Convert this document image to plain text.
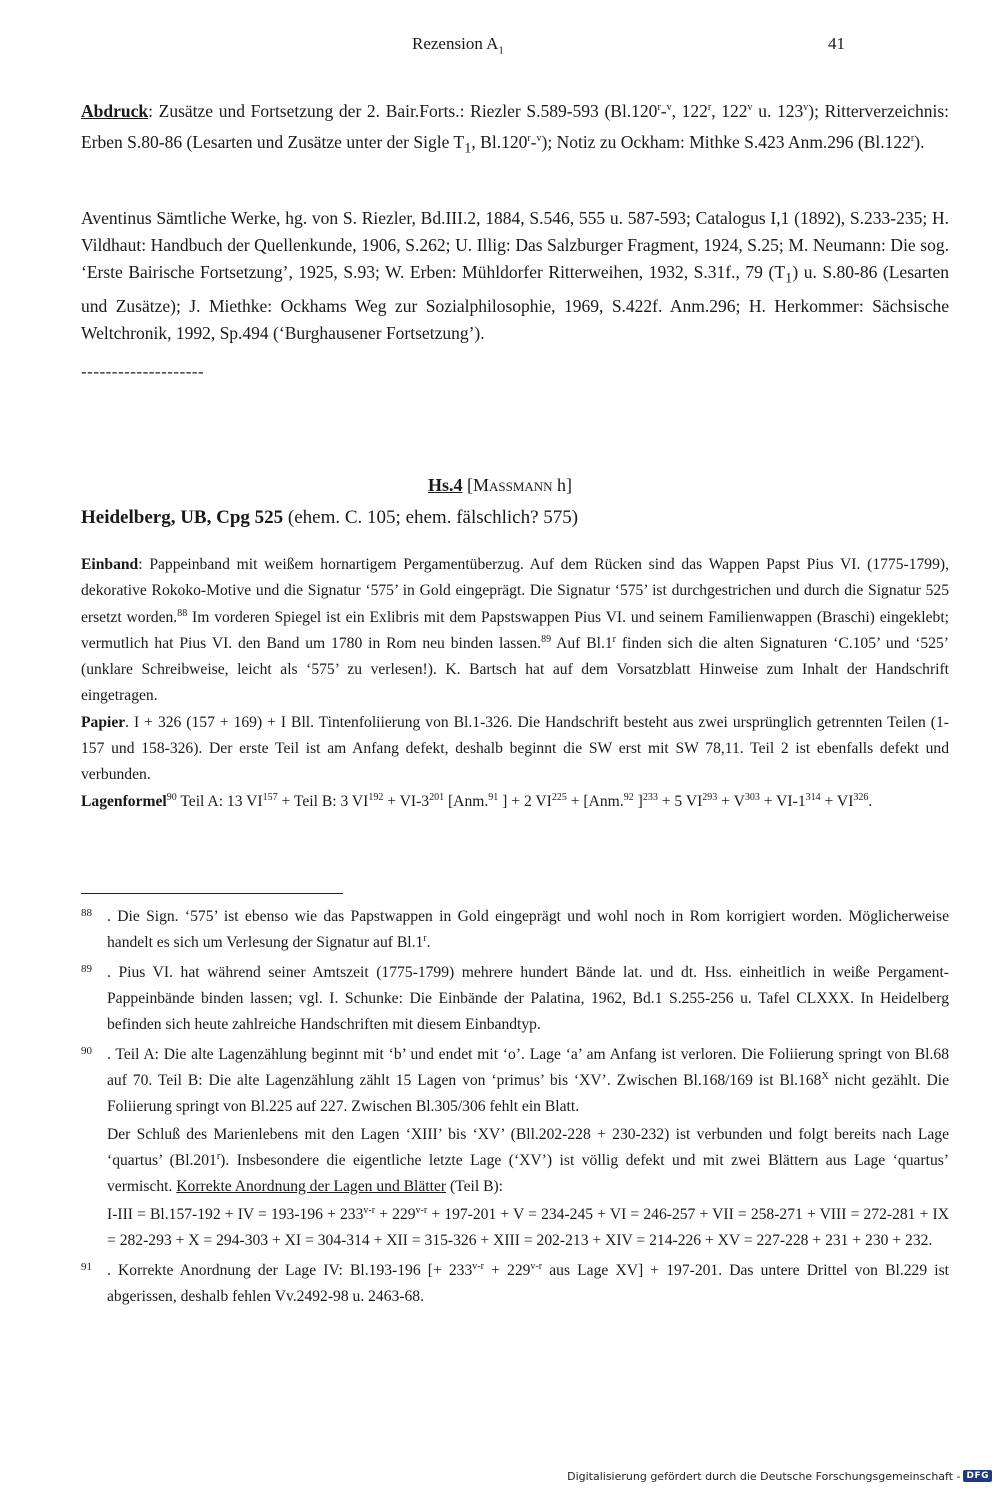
Rezension $A_1$	41

Abdruck: Zusätze und Fortsetzung der 2. Bair.Forts.: Riezler S.589-593 (Bl.120$^r$-$^v$, 122$^r$, 122$^v$ u. 123$^v$); Ritterverzeichnis: Erben S.80-86 (Lesarten und Zusätze unter der Sigle $T_1$, Bl.120$^r$-$^v$); Notiz zu Ockham: Mithke S.423 Anm.296 (Bl.122$^r$).

Aventinus Sämtliche Werke, hg. von S. Riezler, Bd.III.2, 1884, S.546, 555 u. 587-593; Catalogus I,1 (1892), S.233-235; H. Vildhaut: Handbuch der Quellenkunde, 1906, S.262; U. Illig: Das Salzburger Fragment, 1924, S.25; M. Neumann: Die sog. ‘Erste Bairische Fortsetzung’, 1925, S.93; W. Erben: Mühldorfer Ritterweihen, 1932, S.31f., 79 $(T_1)$ u. S.80-86 (Lesarten und Zusätze); J. Miethke: Ockhams Weg zur Sozialphilosophie, 1969, S.422f. Anm.296; H. Herkommer: Sächsische Weltchronik, 1992, Sp.494 (‘Burghausener Fortsetzung’).

--------------------
Hs.4 [Massmann h]
Heidelberg, UB, Cpg 525 (ehem. C. 105; ehem. fälschlich? 575)

Einband: Pappeinband mit weißem hornartigem Pergamentüberzug. Auf dem Rücken sind das Wappen Papst Pius VI. (1775-1799), dekorative Rokoko-Motive und die Signatur ‘575’ in Gold eingeprägt. Die Signatur ‘575’ ist durchgestrichen und durch die Signatur 525 ersetzt worden.$^{88}$ Im vorderen Spiegel ist ein Exlibris mit dem Papstswappen Pius VI. und seinem Familienwappen (Braschi) eingeklebt; vermutlich hat Pius VI. den Band um 1780 in Rom neu binden lassen.$^{89}$ Auf Bl.1$^r$ finden sich die alten Signaturen ‘C.105’ und ‘525’ (unklare Schreibweise, leicht als ‘575’ zu verlesen!). K. Bartsch hat auf dem Vorsatzblatt Hinweise zum Inhalt der Handschrift eingetragen.

Papier. I + 326 (157 + 169) + I Bll. Tintenfoliierung von Bl.1-326. Die Handschrift besteht aus zwei ursprünglich getrennten Teilen (1-157 und 158-326). Der erste Teil ist am Anfang defekt, deshalb beginnt die SW erst mit SW 78,11. Teil 2 ist ebenfalls defekt und verbunden.

Lagenformel$^{90}$ Teil A: 13 $VI^{157}$ + Teil B: 3 $VI^{192} + VI-3^{201}$ [Anm.$^{91}$ ] + 2 $VI^{225} + [Anm.^{92}$ ]$^{233}$ + 5 $VI^{293} + V^{303} + VI-1^{314} + VI^{326}$.

88 . Die Sign. ‘575’ ist ebenso wie das Papstwappen in Gold eingeprägt und wohl noch in Rom korrigiert worden. Möglicherweise handelt es sich um Verlesung der Signatur auf Bl.1$^r$.
89 . Pius VI. hat während seiner Amtszeit (1775-1799) mehrere hundert Bände lat. und dt. Hss. einheitlich in weiße Pergament-Pappeinbände binden lassen; vgl. I. Schunke: Die Einbände der Palatina, 1962, Bd.1 S.255-256 u. Tafel CLXXX. In Heidelberg befinden sich heute zahlreiche Handschriften mit diesem Einbandtyp.
90 . Teil A: Die alte Lagenzählung beginnt mit ‘b’ und endet mit ‘o’. Lage ‘a’ am Anfang ist verloren. Die Foliierung springt von Bl.68 auf 70. Teil B: Die alte Lagenzählung zählt 15 Lagen von ‘primus’ bis ‘XV’. Zwischen Bl.168/169 ist $Bl.168^X$ nicht gezählt. Die Foliierung springt von Bl.225 auf 227. Zwischen Bl.305/306 fehlt ein Blatt.

Der Schluß des Marienlebens mit den Lagen ‘XIII’ bis ‘XV’ (Bll.202-228 + 230-232) ist verbunden und folgt bereits nach Lage ‘quartus’ (Bl.201$^r$). Insbesondere die eigentliche letzte Lage (‘XV’) ist völlig defekt und mit zwei Blättern aus Lage ‘quartus’ vermischt. Korrekte Anordnung der Lagen und Blätter (Teil B):

I-III = Bl.157-192 + IV = $193-196 + 233^{v-r} + 229^{v-r} + 197-201 + V = 234-245$ + VI = 246-257 + VII = 258-271 + VIII = 272-281 + IX = 282-293 + X = 294-303 + XI = 304-314 + XII = 315-326 + XIII = 202-213 + XIV = 214-226 + XV = 227-228 + 231 + 230 + 232.

91 . Korrekte Anordnung der Lage IV: Bl.193-196 [+ $233^{v-r} + 229^{v-r}$ aus Lage XV] + 197-201. Das untere Drittel von Bl.229 ist abgerissen, deshalb fehlen Vv.2492-98 u. 2463-68.
Digitalisierung gefördert durch die Deutsche Forschungsgemeinschaft - DFG
